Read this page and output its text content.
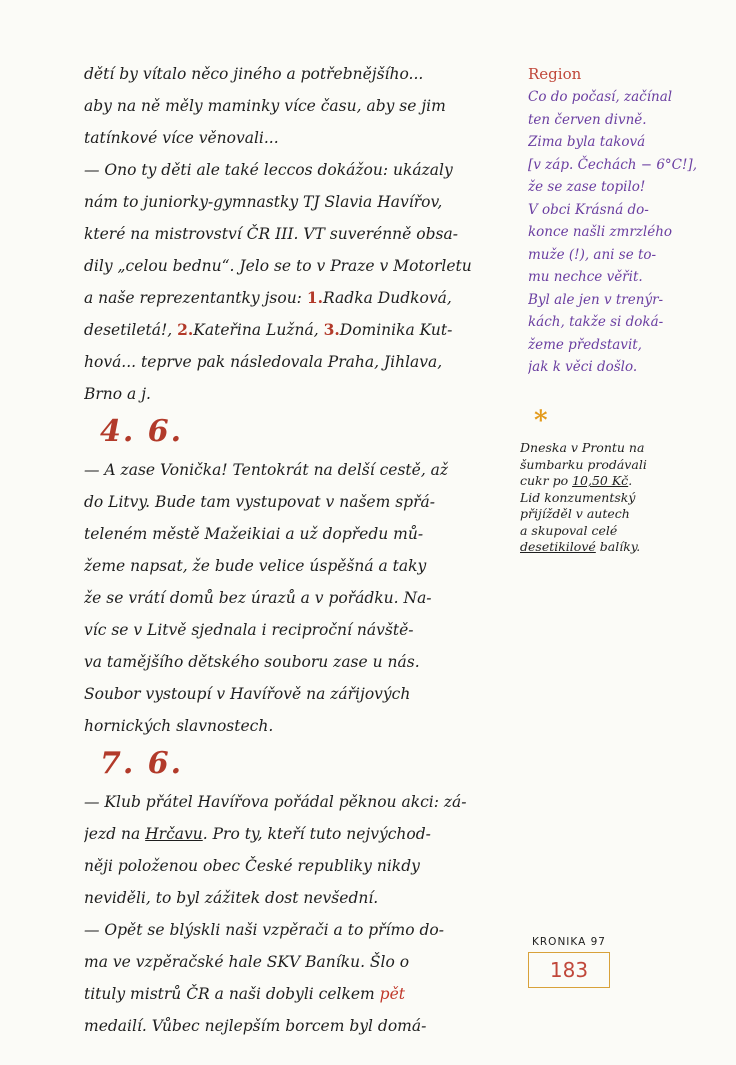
dětí by vítalo něco jiného a potřebnějšího...
aby na ně měly maminky více času, aby se jim
tatínkové více věnovali...
— Ono ty děti ale také leccos dokážou: ukázaly
nám to juniorky-gymnastky TJ Slavia Havířov,
které na mistrovství ČR III. VT suverénně obsa-
dily „celou bednu“. Jelo se to v Praze v Motorletu
a naše reprezentantky jsou: 1.Radka Dudková,
desetiletá!, 2.Kateřina Lužná, 3.Dominika Kut-
hová... teprve pak následovala Praha, Jihlava,
Brno a j.
4. 6.
— A zase Vonička! Tentokrát na delší cestě, až
do Litvy. Bude tam vystupovat v našem spřá-
teleném městě Mažeikiai a už dopředu mů-
žeme napsat, že bude velice úspěšná a taky
že se vrátí domů bez úrazů a v pořádku. Na-
víc se v Litvě sjednala i reciproční návště-
va tamějšího dětského souboru zase u nás.
Soubor vystoupí v Havířově na zářijových
hornických slavnostech.
7. 6.
— Klub přátel Havířova pořádal pěknou akci: zá-
jezd na Hrčavu. Pro ty, kteří tuto nejvýchod-
něji položenou obec České republiky nikdy
neviděli, to byl zážitek dost nevšední.
— Opět se blýskli naši vzpěrači a to přímo do-
ma ve vzpěračské hale SKV Baníku. Šlo o
tituly mistrů ČR a naši dobyli celkem pět
medailí. Vůbec nejlepším borcem byl domá-
Region
Co do počasí, začínal
ten červen divně.
Zima byla taková
[v záp. Čechách − 6°C!],
že se zase topilo!
V obci Krásná do-
konce našli zmrzlého
muže (!), ani se to-
mu nechce věřit.
Byl ale jen v trenýr-
kách, takže si doká-
žeme představit,
jak k věci došlo.
*
Dneska v Prontu na
šumbarku prodávali
cukr po 10,50 Kč.
Lid konzumentský
přijížděl v autech
a skupoval celé
desetikilové balíky.
KRONIKA 97
183
